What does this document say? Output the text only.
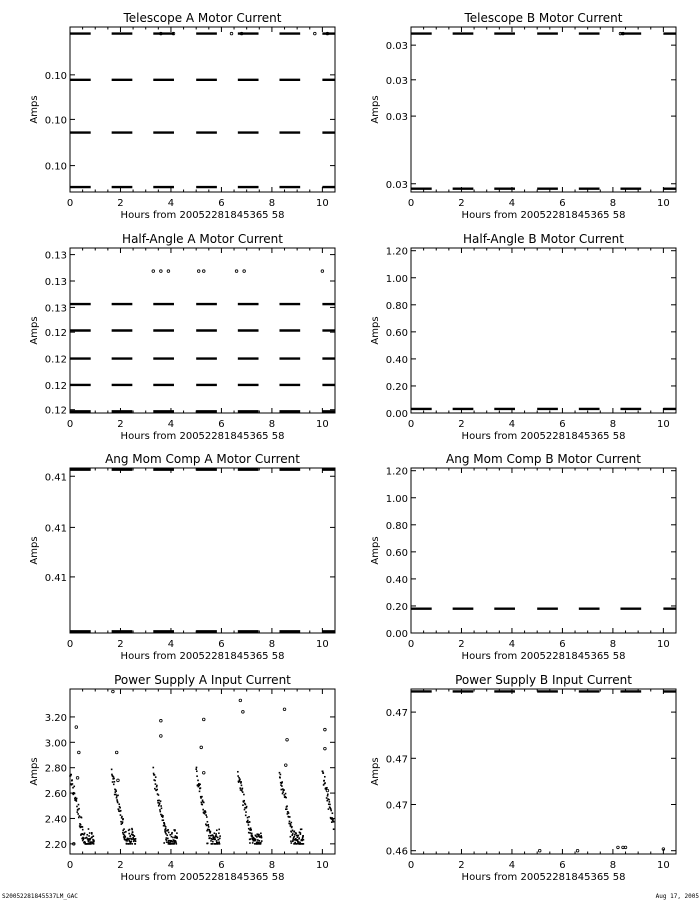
Telescope A Motor Current
0	2	4	6	8	10
0.10
0.10
0.10
Hours from 20052281845365 58
Amps
Telescope B Motor Current
0	2	4	6	8	10
0.03
0.03
0.03
0.03
Hours from 20052281845365 58
Amps
Half-Angle A Motor Current
0	2	4	6	8	10
0.12
0.12
0.12
0.12
0.13
0.13
0.13
Hours from 20052281845365 58
Amps
Half-Angle B Motor Current
0	2	4	6	8	10
0.00
0.20
0.40
0.60
0.80
1.00
1.20
Hours from 20052281845365 58
Amps
Ang Mom Comp A Motor Current
0	2	4	6	8	10
0.41
0.41
0.41
Hours from 20052281845365 58
Amps
Ang Mom Comp B Motor Current
0	2	4	6	8	10
0.00
0.20
0.40
0.60
0.80
1.00
1.20
Hours from 20052281845365 58
Amps
Power Supply A Input Current
0	2	4	6	8	10
2.20
2.40
2.60
2.80
3.00
3.20
Hours from 20052281845365 58
Amps
Power Supply B Input Current
0	2	4	6	8	10
0.46
0.47
0.47
0.47
Hours from 20052281845365 58
Amps
S20052281845537LM_GAC	Aug 17, 2005
